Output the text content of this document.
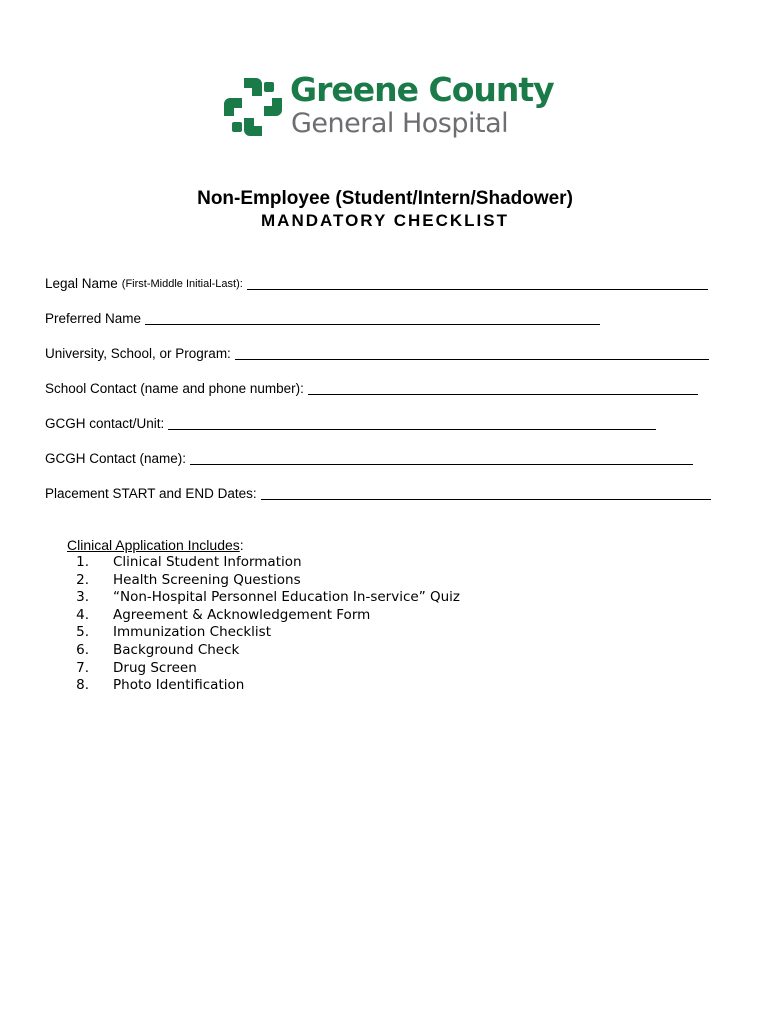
Greene County
General Hospital
Non-Employee (Student/Intern/Shadower)
MANDATORY CHECKLIST
Legal Name (First-Middle Initial-Last):
Preferred Name
University, School, or Program:
School Contact (name and phone number):
GCGH contact/Unit:
GCGH Contact (name):
Placement START and END Dates:
Clinical Application Includes:
1. Clinical Student Information
2. Health Screening Questions
3. “Non-Hospital Personnel Education In-service” Quiz
4. Agreement & Acknowledgement Form
5. Immunization Checklist
6. Background Check
7. Drug Screen
8. Photo Identification
